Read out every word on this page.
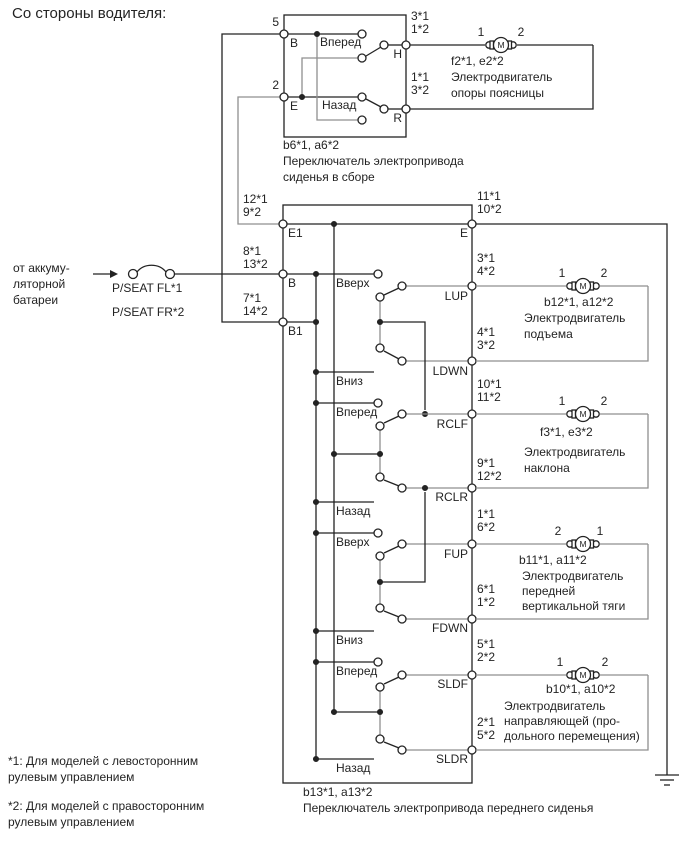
Со стороны водителя:
от аккуму-
ляторной
батареи
P/SEAT FL*1
P/SEAT FR*2
5
2
B
E
Вперед
Назад
H
R
3*1
1*2
1*1
3*2
b6*1, a6*2
Переключатель электропривода
сиденья в сборе
1	2
M
f2*1, e2*2
Электродвигатель
опоры поясницы
12*1
9*2
8*1
13*2
7*1
14*2
E1
B
B1
E
11*1
10*2
Вверх
Вниз
Вперед
Назад
Вверх
Вниз
Вперед
Назад
LUP
LDWN
RCLF
RCLR
FUP
FDWN
SLDF
SLDR
3*1
4*2
4*1
3*2
10*1
11*2
9*1
12*2
1*1
6*2
6*1
1*2
5*1
2*2
2*1
5*2
1	2
M
b12*1, a12*2
Электродвигатель
подъема
1	2
M
f3*1, e3*2
Электродвигатель
наклона
2	1
M
b11*1, a11*2
Электродвигатель
передней
вертикальной тяги
1	2
M
b10*1, a10*2
Электродвигатель
направляющей (про-
дольного перемещения)
b13*1, a13*2
Переключатель электропривода переднего сиденья
*1: Для моделей с левосторонним
рулевым управлением
*2: Для моделей с правосторонним
рулевым управлением
